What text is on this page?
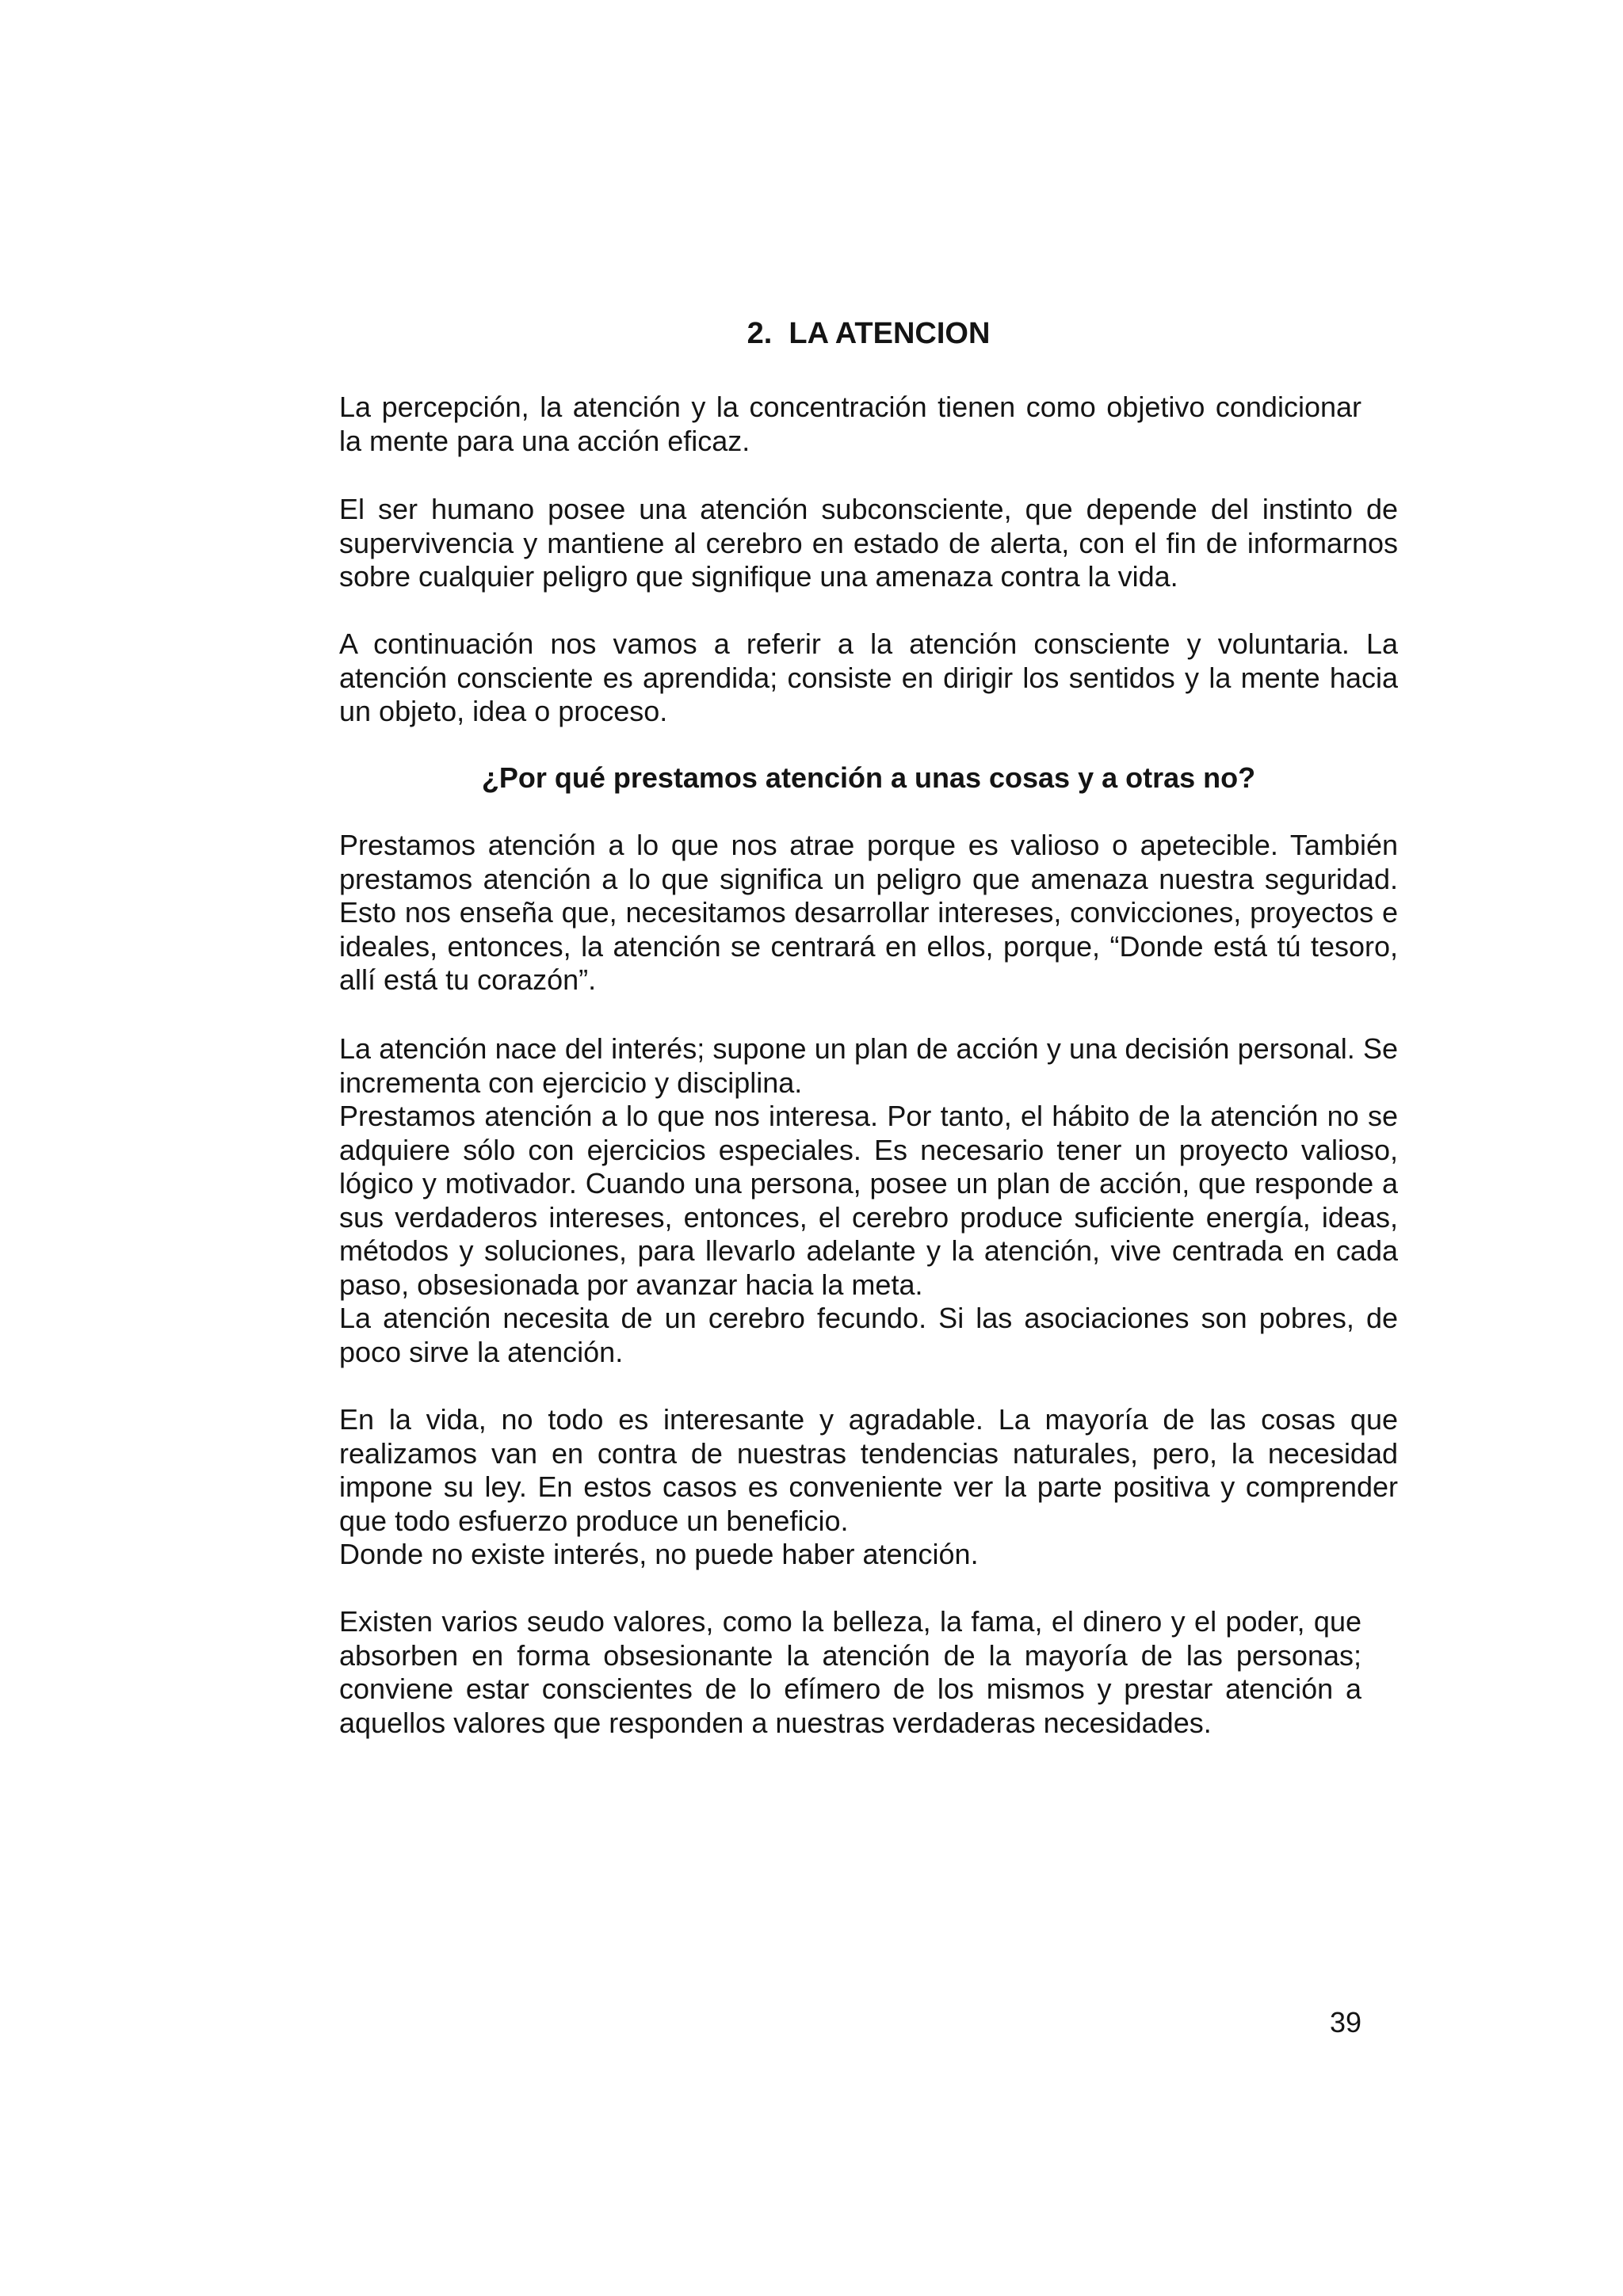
2.  LA ATENCION

La percepción, la atención y la concentración tienen como objetivo condicionar la mente para una acción eficaz.

El ser humano posee una atención subconsciente, que depende del instinto de supervivencia y mantiene al cerebro en estado de alerta, con el fin de informarnos sobre cualquier peligro que signifique una amenaza contra la vida.

A continuación nos vamos a referir a la atención consciente y voluntaria. La atención consciente es aprendida; consiste en dirigir los sentidos y la mente hacia un objeto, idea o proceso.

¿Por qué prestamos atención a unas cosas y a otras no?

Prestamos atención a lo que nos atrae porque es valioso o apetecible. También prestamos atención a lo que significa un peligro que amenaza nuestra seguridad. Esto nos enseña que, necesitamos desarrollar intereses, convicciones, proyectos e ideales, entonces, la atención se centrará en ellos, porque, “Donde está tú tesoro, allí está tu corazón”.

La atención nace del interés; supone un plan de acción y una decisión personal. Se incrementa con ejercicio y disciplina.

Prestamos atención a lo que nos interesa. Por tanto, el hábito de la atención no se adquiere sólo con ejercicios especiales. Es necesario tener un proyecto valioso, lógico y motivador. Cuando una persona, posee un plan de acción, que responde a sus verdaderos intereses, entonces, el cerebro produce suficiente energía, ideas, métodos y soluciones, para llevarlo adelante y la atención, vive centrada en cada paso, obsesionada por avanzar hacia la meta.

La atención necesita de un cerebro fecundo. Si las asociaciones son pobres, de poco sirve la atención.

En la vida, no todo es interesante y agradable. La mayoría de las cosas que realizamos van en contra de nuestras tendencias naturales, pero, la necesidad impone su ley. En estos casos es conveniente ver la parte positiva y comprender que todo esfuerzo produce un beneficio.

Donde no existe interés, no puede haber atención.

Existen varios seudo valores, como la belleza, la fama, el dinero y el poder, que absorben en forma obsesionante la atención de la mayoría de las personas; conviene estar conscientes de lo efímero de los mismos y prestar atención a aquellos valores que responden a nuestras verdaderas necesidades.

39
